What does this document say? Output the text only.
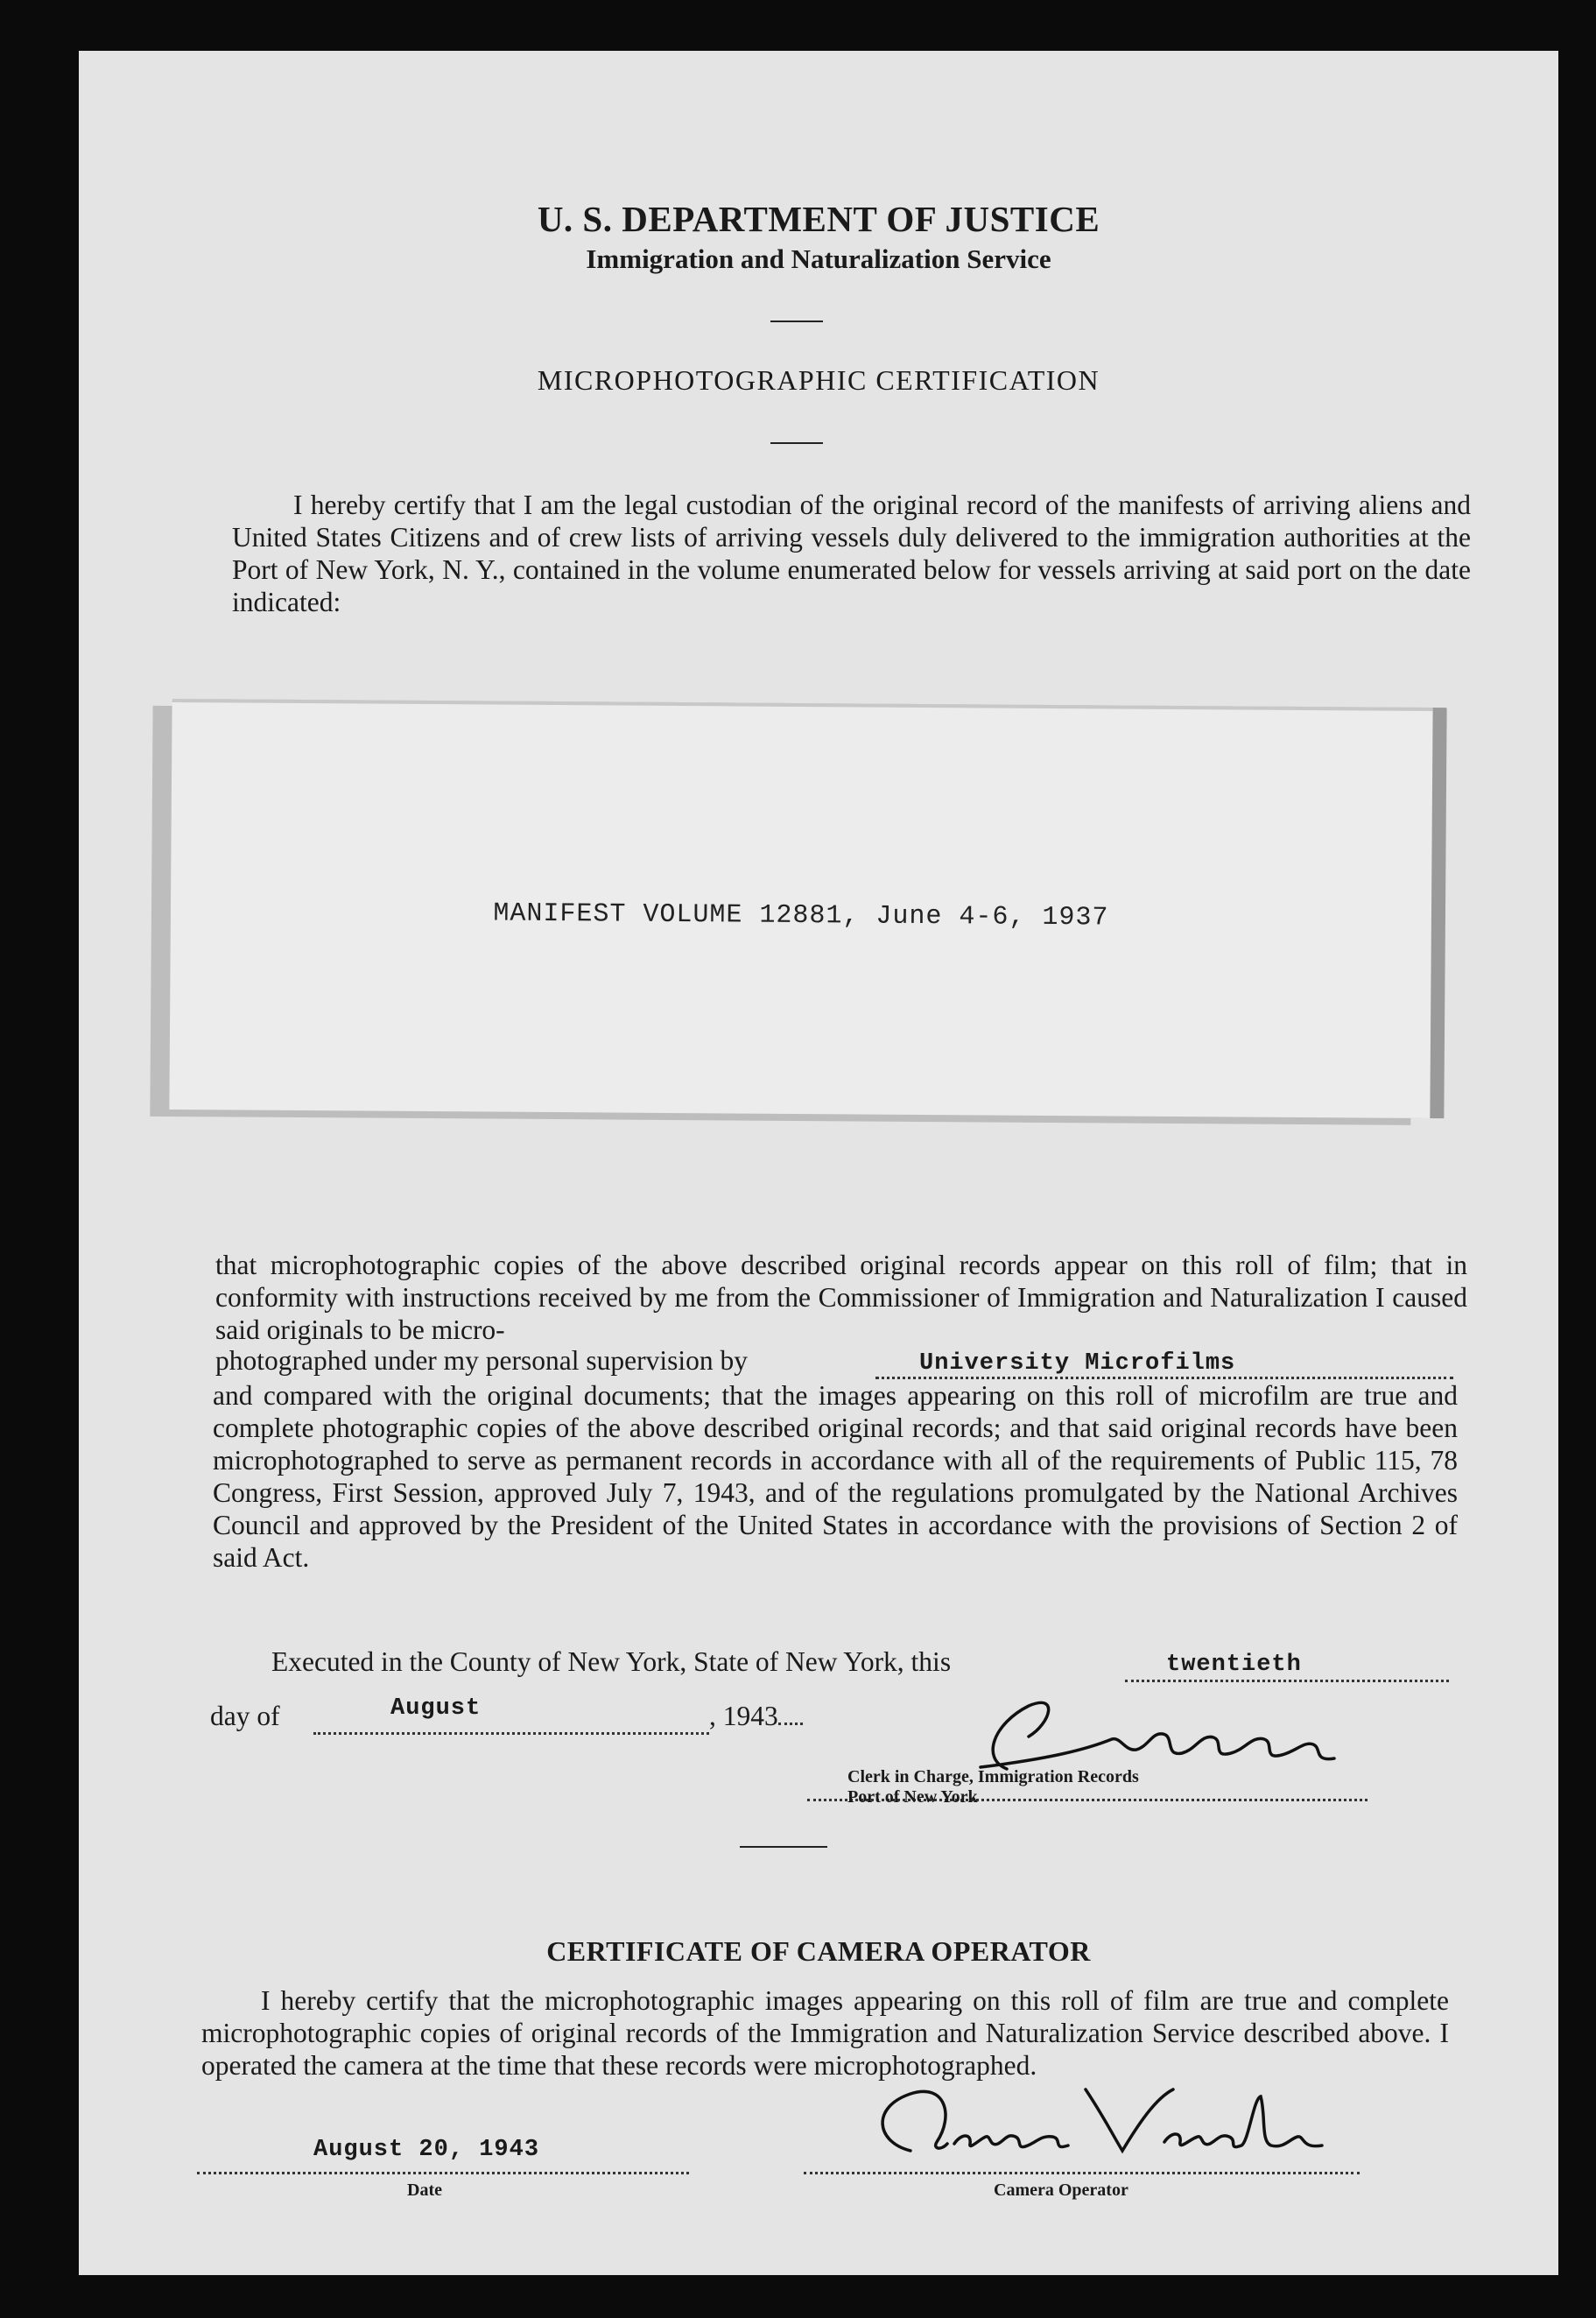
U. S. DEPARTMENT OF JUSTICE
Immigration and Naturalization Service
MICROPHOTOGRAPHIC CERTIFICATION
I hereby certify that I am the legal custodian of the original record of the manifests of arriving aliens and United States Citizens and of crew lists of arriving vessels duly delivered to the immigration authorities at the Port of New York, N. Y., contained in the volume enumerated below for vessels arriving at said port on the date indicated:
MANIFEST VOLUME 12881, June 4-6, 1937
that microphotographic copies of the above described original records appear on this roll of film; that in conformity with instructions received by me from the Commissioner of Immigration and Naturalization I caused said originals to be micro-
photographed under my personal supervision by	University Microfilms
and compared with the original documents; that the images appearing on this roll of microfilm are true and complete photographic copies of the above described original records; and that said original records have been microphotographed to serve as permanent records in accordance with all of the requirements of Public 115, 78 Congress, First Session, approved July 7, 1943, and of the regulations promulgated by the National Archives Council and approved by the President of the United States in accordance with the provisions of Section 2 of said Act.
Executed in the County of New York, State of New York, this	twentieth
day of	August	, 1943
Clerk in Charge, Immigration Records
Port of New York
CERTIFICATE OF CAMERA OPERATOR
I hereby certify that the microphotographic images appearing on this roll of film are true and complete microphotographic copies of original records of the Immigration and Naturalization Service described above. I operated the camera at the time that these records were microphotographed.
August 20, 1943
Date	Camera Operator
